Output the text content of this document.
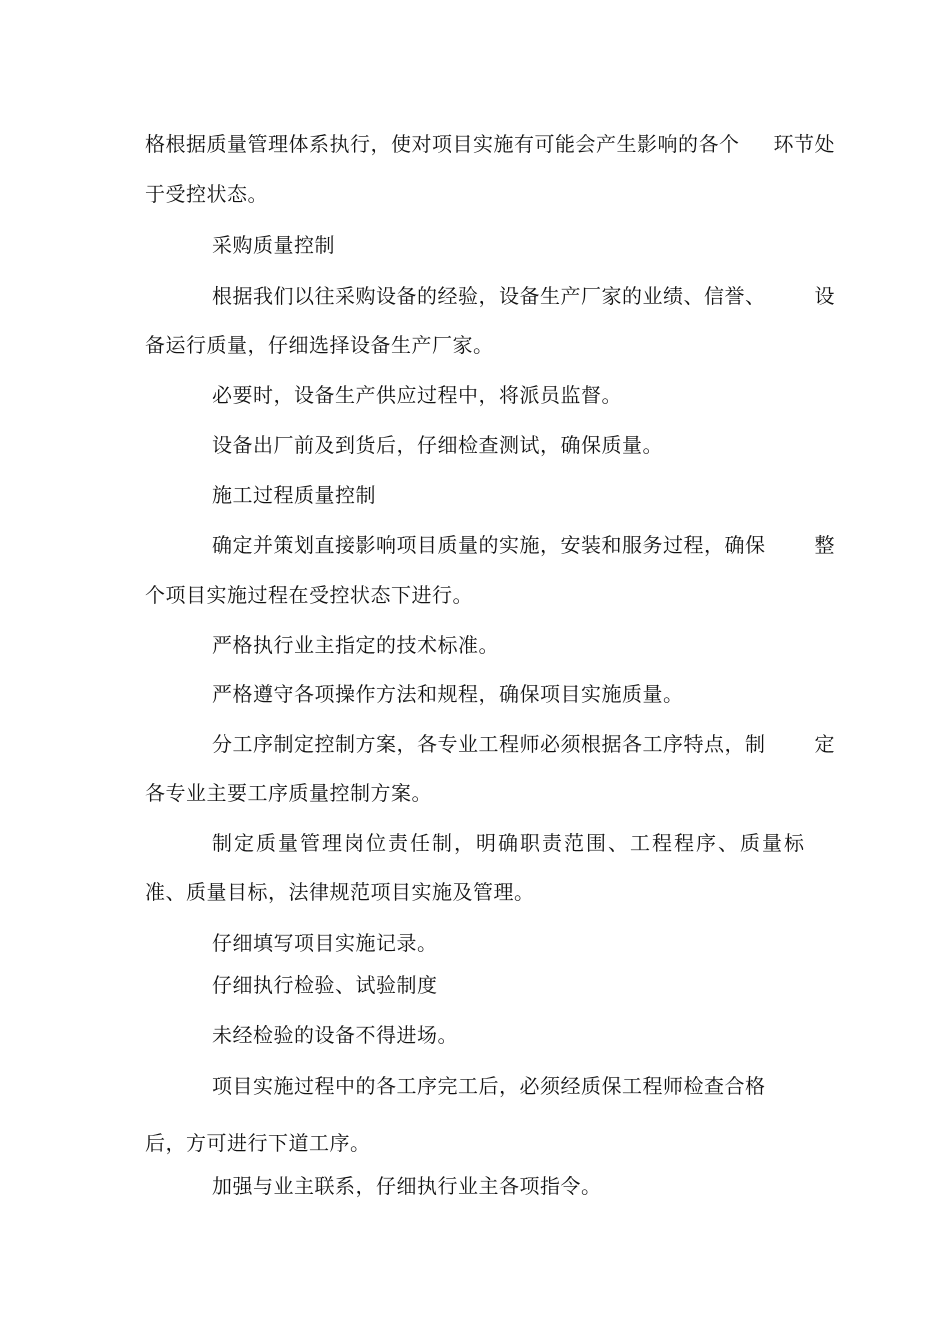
格根据质量管理体系执行，使对项目实施有可能会产生影响的各个 环节处
于受控状态。
采购质量控制
根据我们以往采购设备的经验，设备生产厂家的业绩、信誉、 设
备运行质量，仔细选择设备生产厂家。
必要时，设备生产供应过程中，将派员监督。
设备出厂前及到货后，仔细检查测试，确保质量。
施工过程质量控制
确定并策划直接影响项目质量的实施，安装和服务过程，确保 整
个项目实施过程在受控状态下进行。
严格执行业主指定的技术标准。
严格遵守各项操作方法和规程，确保项目实施质量。
分工序制定控制方案，各专业工程师必须根据各工序特点，制 定
各专业主要工序质量控制方案。
制定质量管理岗位责任制，明确职责范围、工程程序、质量标
准、质量目标，法律规范项目实施及管理。
仔细填写项目实施记录。
仔细执行检验、试验制度
未经检验的设备不得进场。
项目实施过程中的各工序完工后，必须经质保工程师检查合格
后，方可进行下道工序。
加强与业主联系，仔细执行业主各项指令。
